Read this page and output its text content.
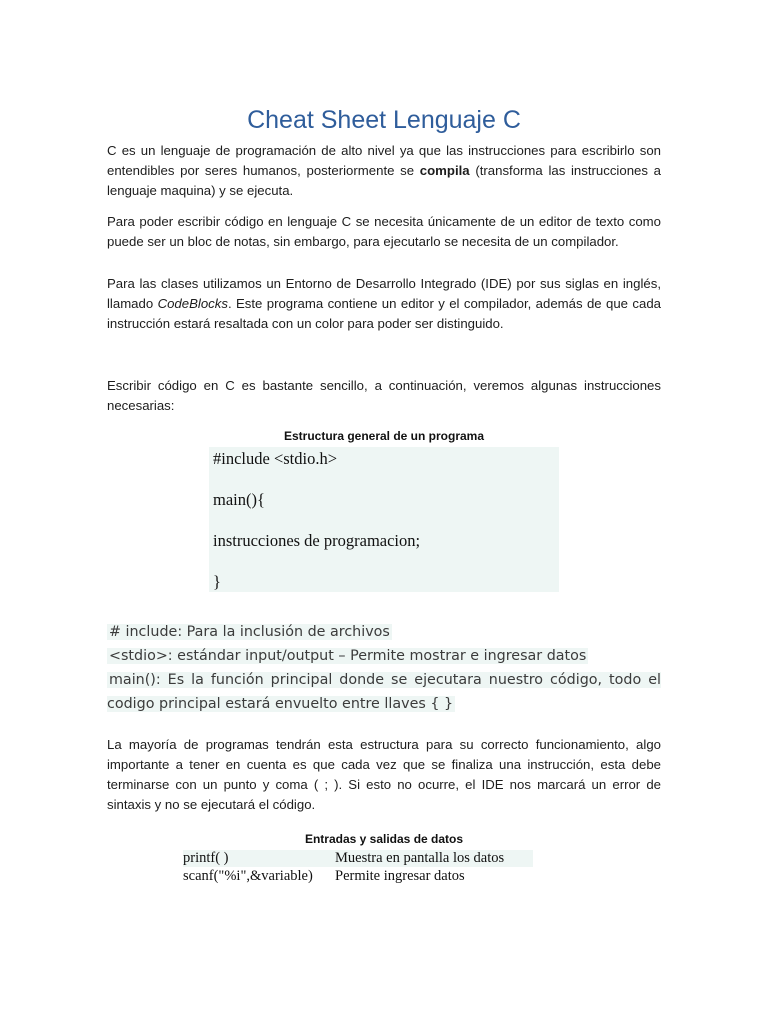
Cheat Sheet Lenguaje C

C es un lenguaje de programación de alto nivel ya que las instrucciones para escribirlo son entendibles por seres humanos, posteriormente se compila (transforma las instrucciones a lenguaje maquina) y se ejecuta.

Para poder escribir código en lenguaje C se necesita únicamente de un editor de texto como puede ser un bloc de notas, sin embargo, para ejecutarlo se necesita de un compilador.

Para las clases utilizamos un Entorno de Desarrollo Integrado (IDE) por sus siglas en inglés, llamado CodeBlocks. Este programa contiene un editor y el compilador, además de que cada instrucción estará resaltada con un color para poder ser distinguido.

Escribir código en C es bastante sencillo, a continuación, veremos algunas instrucciones necesarias:

Estructura general de un programa

#include <stdio.h>
main(){
instrucciones de programacion;
}
# include: Para la inclusión de archivos
<stdio>: estándar input/output – Permite mostrar e ingresar datos
main(): Es la función principal donde se ejecutara nuestro código, todo el codigo principal estará envuelto entre llaves { }

La mayoría de programas tendrán esta estructura para su correcto funcionamiento, algo importante a tener en cuenta es que cada vez que se finaliza una instrucción, esta debe terminarse con un punto y coma ( ; ). Si esto no ocurre, el IDE nos marcará un error de sintaxis y no se ejecutará el código.

Entradas y salidas de datos

printf( )	Muestra en pantalla los datos
scanf("%i",&variable)	Permite ingresar datos
